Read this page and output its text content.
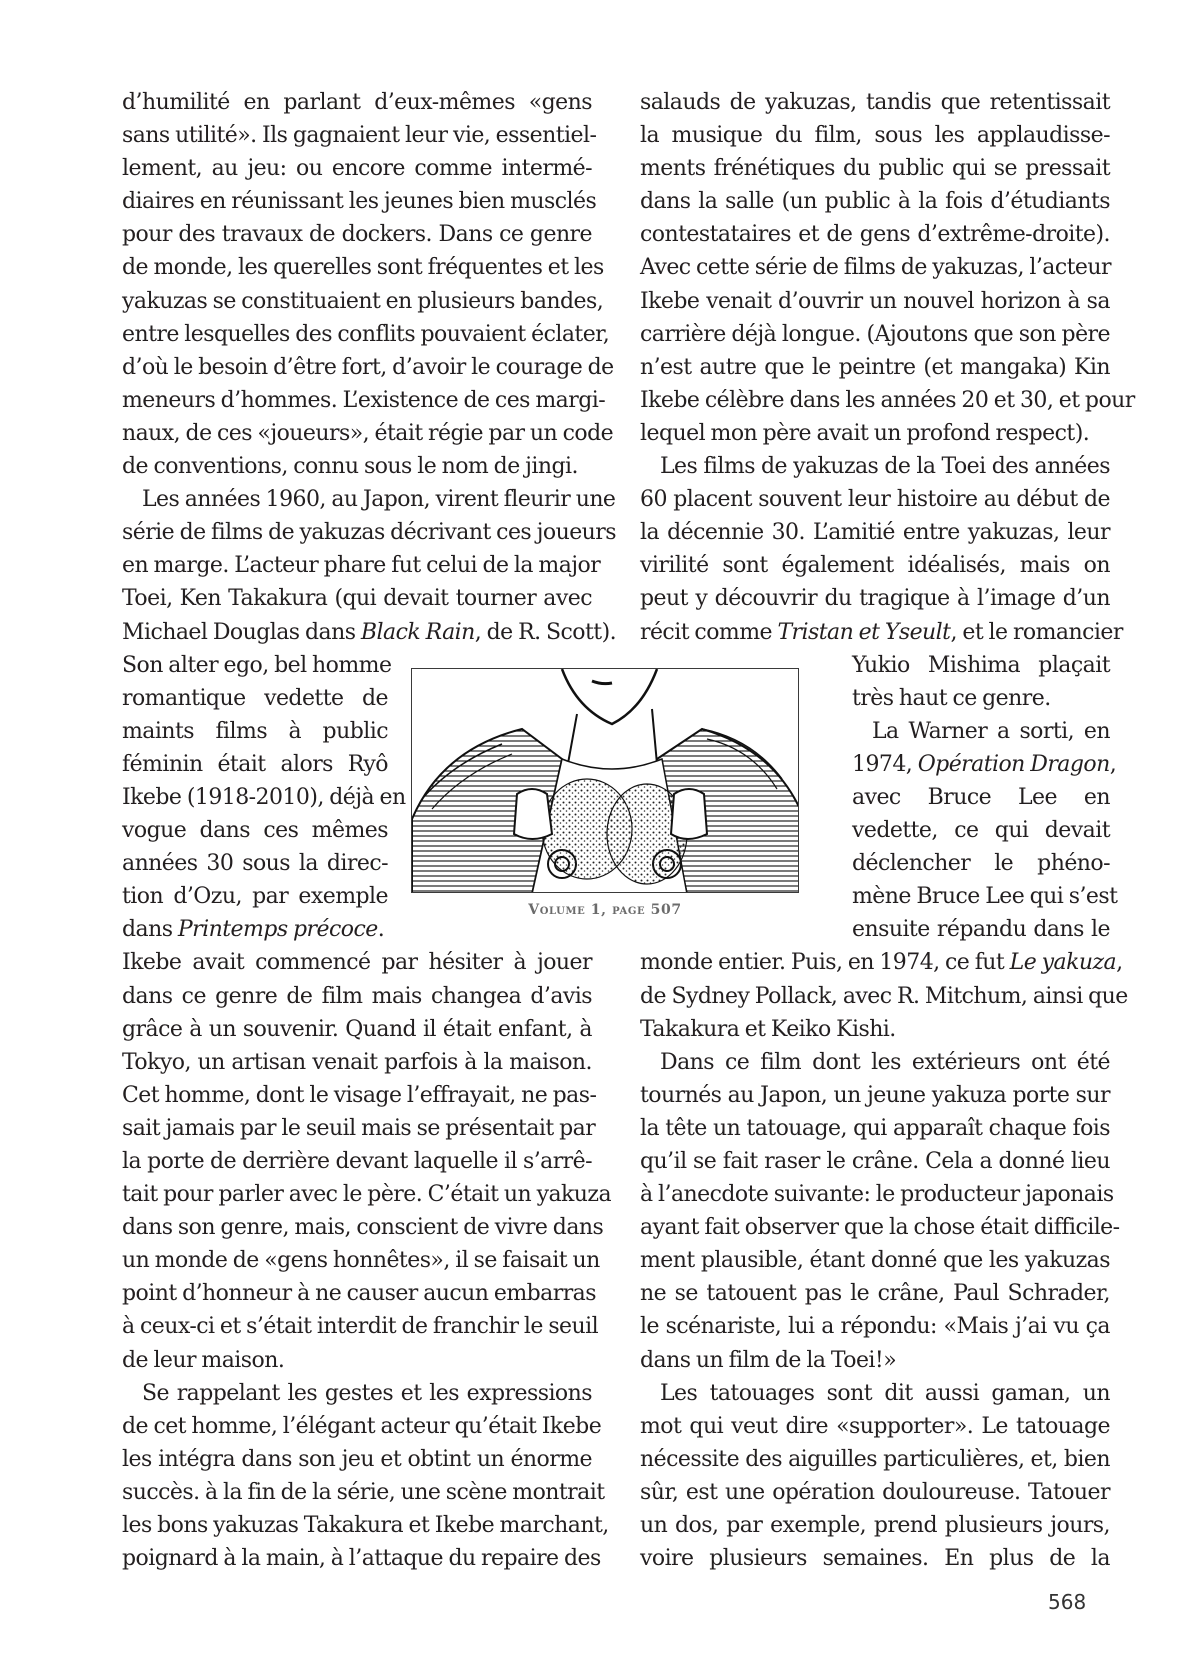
d’humilité en parlant d’eux-mêmes «gens
sans utilité». Ils gagnaient leur vie, essentiel-
lement, au jeu: ou encore comme intermé-
diaires en réunissant les jeunes bien musclés
pour des travaux de dockers. Dans ce genre
de monde, les querelles sont fréquentes et les
yakuzas se constituaient en plusieurs bandes,
entre lesquelles des conflits pouvaient éclater,
d’où le besoin d’être fort, d’avoir le courage de
meneurs d’hommes. L’existence de ces margi-
naux, de ces «joueurs», était régie par un code
de conventions, connu sous le nom de jingi.
Les années 1960, au Japon, virent fleurir une
série de films de yakuzas décrivant ces joueurs
en marge. L’acteur phare fut celui de la major
Toei, Ken Takakura (qui devait tourner avec
Michael Douglas dans Black Rain, de R. Scott).
Son alter ego, bel homme
romantique vedette de
maints films à public
féminin était alors Ryô
Ikebe (1918-2010), déjà en
vogue dans ces mêmes
années 30 sous la direc-
tion d’Ozu, par exemple
dans Printemps précoce.
Ikebe avait commencé par hésiter à jouer
dans ce genre de film mais changea d’avis
grâce à un souvenir. Quand il était enfant, à
Tokyo, un artisan venait parfois à la maison.
Cet homme, dont le visage l’effrayait, ne pas-
sait jamais par le seuil mais se présentait par
la porte de derrière devant laquelle il s’arrê-
tait pour parler avec le père. C’était un yakuza
dans son genre, mais, conscient de vivre dans
un monde de «gens honnêtes», il se faisait un
point d’honneur à ne causer aucun embarras
à ceux-ci et s’était interdit de franchir le seuil
de leur maison.
Se rappelant les gestes et les expressions
de cet homme, l’élégant acteur qu’était Ikebe
les intégra dans son jeu et obtint un énorme
succès. à la fin de la série, une scène montrait
les bons yakuzas Takakura et Ikebe marchant,
poignard à la main, à l’attaque du repaire des
salauds de yakuzas, tandis que retentissait
la musique du film, sous les applaudisse-
ments frénétiques du public qui se pressait
dans la salle (un public à la fois d’étudiants
contestataires et de gens d’extrême-droite).
Avec cette série de films de yakuzas, l’acteur
Ikebe venait d’ouvrir un nouvel horizon à sa
carrière déjà longue. (Ajoutons que son père
n’est autre que le peintre (et mangaka) Kin
Ikebe célèbre dans les années 20 et 30, et pour
lequel mon père avait un profond respect).
Les films de yakuzas de la Toei des années
60 placent souvent leur histoire au début de
la décennie 30. L’amitié entre yakuzas, leur
virilité sont également idéalisés, mais on
peut y découvrir du tragique à l’image d’un
récit comme Tristan et Yseult, et le romancier
Yukio Mishima plaçait
très haut ce genre.
La Warner a sorti, en
1974, Opération Dragon,
avec Bruce Lee en
vedette, ce qui devait
déclencher le phéno-
mène Bruce Lee qui s’est
ensuite répandu dans le
monde entier. Puis, en 1974, ce fut Le yakuza,
de Sydney Pollack, avec R. Mitchum, ainsi que
Takakura et Keiko Kishi.
Dans ce film dont les extérieurs ont été
tournés au Japon, un jeune yakuza porte sur
la tête un tatouage, qui apparaît chaque fois
qu’il se fait raser le crâne. Cela a donné lieu
à l’anecdote suivante: le producteur japonais
ayant fait observer que la chose était difficile-
ment plausible, étant donné que les yakuzas
ne se tatouent pas le crâne, Paul Schrader,
le scénariste, lui a répondu: «Mais j’ai vu ça
dans un film de la Toei!»
Les tatouages sont dit aussi gaman, un
mot qui veut dire «supporter». Le tatouage
nécessite des aiguilles particulières, et, bien
sûr, est une opération douloureuse. Tatouer
un dos, par exemple, prend plusieurs jours,
voire plusieurs semaines. En plus de la
Volume 1, page 507
568
